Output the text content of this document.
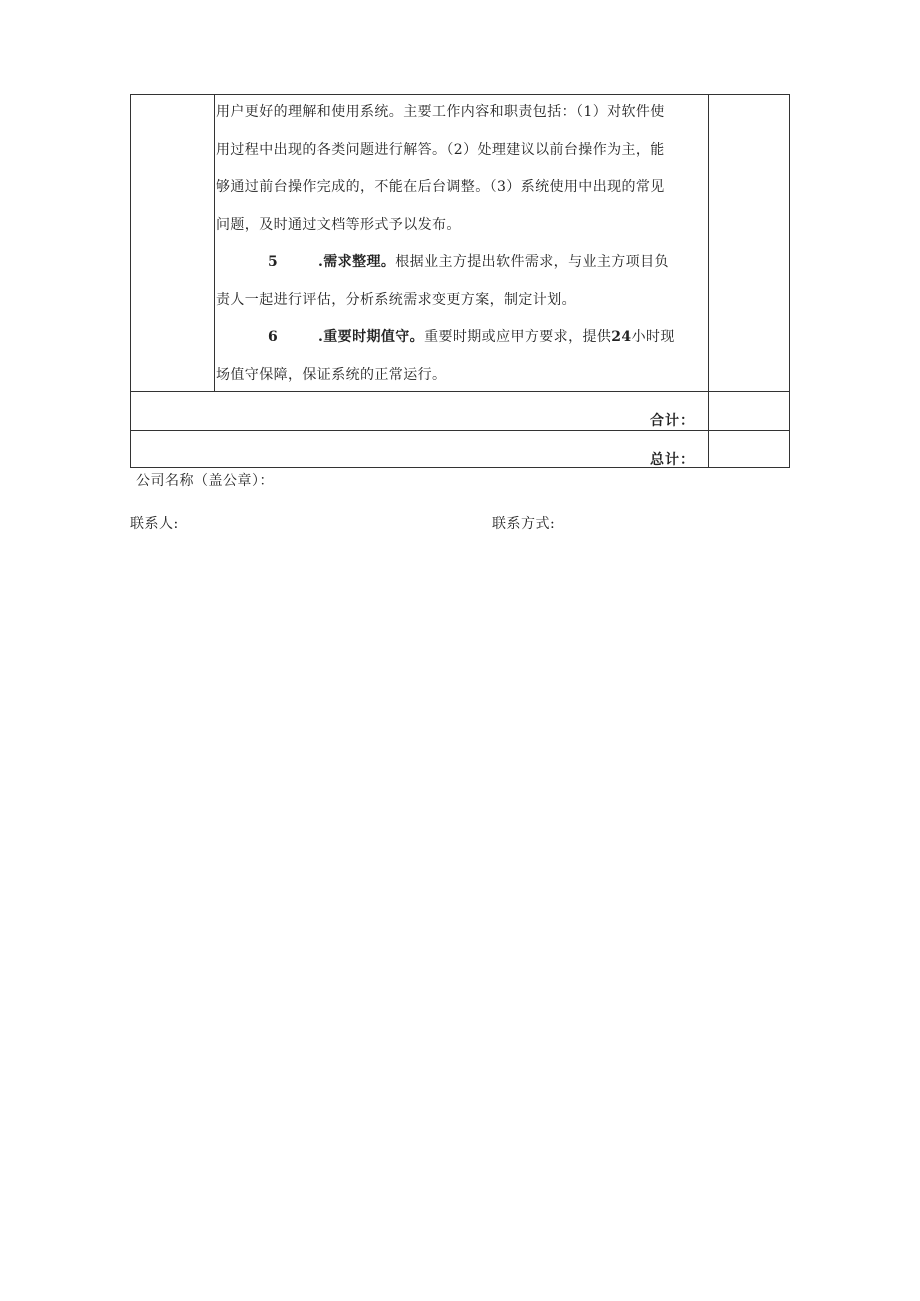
用户更好的理解和使用系统。主要工作内容和职责包括：（1）对软件使

用过程中出现的各类问题进行解答。（2）处理建议以前台操作为主，能

够通过前台操作完成的，不能在后台调整。（3）系统使用中出现的常见

问题，及时通过文档等形式予以发布。

5	.需求整理。根据业主方提出软件需求，与业主方项目负

责人一起进行评估，分析系统需求变更方案，制定计划。

6	.重要时期值守。重要时期或应甲方要求，提供24小时现

场值守保障，保证系统的正常运行。

合计：
总计：
公司名称（盖公章）：
联系人:	联系方式:
